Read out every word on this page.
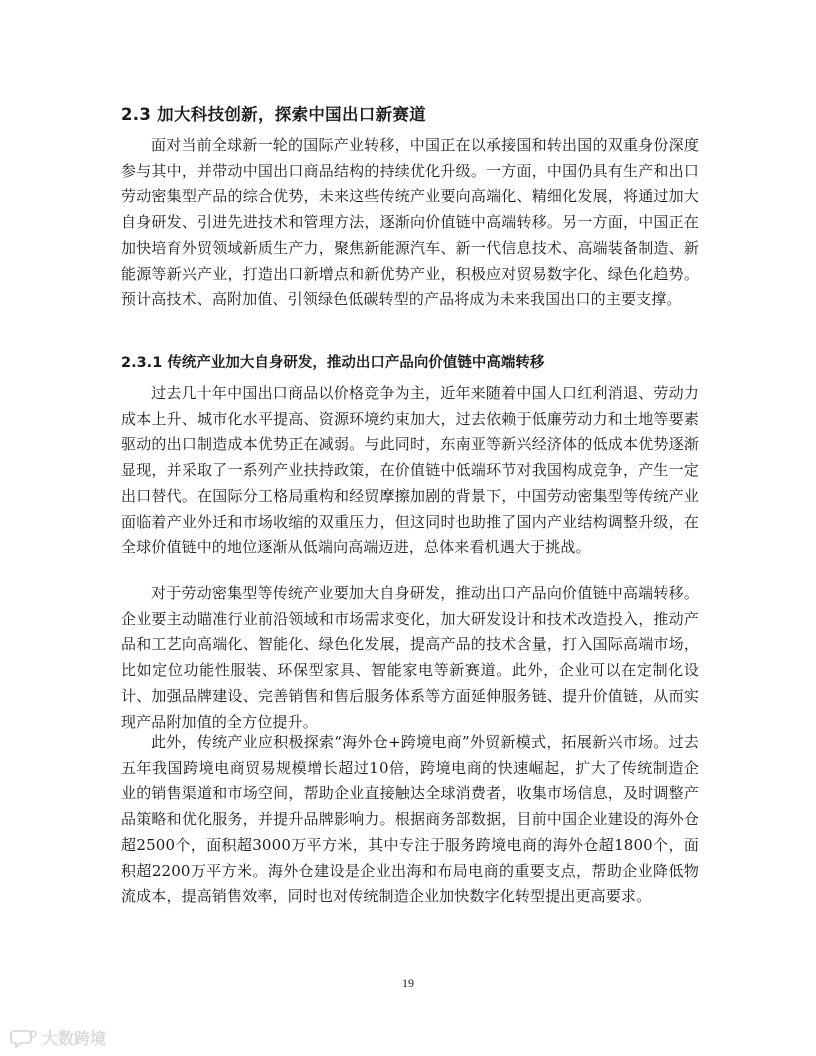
2.3 加大科技创新，探索中国出口新赛道

面对当前全球新一轮的国际产业转移，中国正在以承接国和转出国的双重身份深度参与其中，并带动中国出口商品结构的持续优化升级。一方面，中国仍具有生产和出口劳动密集型产品的综合优势，未来这些传统产业要向高端化、精细化发展，将通过加大自身研发、引进先进技术和管理方法，逐渐向价值链中高端转移。另一方面，中国正在加快培育外贸领域新质生产力，聚焦新能源汽车、新一代信息技术、高端装备制造、新能源等新兴产业，打造出口新增点和新优势产业，积极应对贸易数字化、绿色化趋势。预计高技术、高附加值、引领绿色低碳转型的产品将成为未来我国出口的主要支撑。

2.3.1 传统产业加大自身研发，推动出口产品向价值链中高端转移

过去几十年中国出口商品以价格竞争为主，近年来随着中国人口红利消退、劳动力成本上升、城市化水平提高、资源环境约束加大，过去依赖于低廉劳动力和土地等要素驱动的出口制造成本优势正在减弱。与此同时，东南亚等新兴经济体的低成本优势逐渐显现，并采取了一系列产业扶持政策，在价值链中低端环节对我国构成竞争，产生一定出口替代。在国际分工格局重构和经贸摩擦加剧的背景下，中国劳动密集型等传统产业面临着产业外迁和市场收缩的双重压力，但这同时也助推了国内产业结构调整升级，在全球价值链中的地位逐渐从低端向高端迈进，总体来看机遇大于挑战。

对于劳动密集型等传统产业要加大自身研发，推动出口产品向价值链中高端转移。企业要主动瞄准行业前沿领域和市场需求变化，加大研发设计和技术改造投入，推动产品和工艺向高端化、智能化、绿色化发展，提高产品的技术含量，打入国际高端市场，比如定位功能性服装、环保型家具、智能家电等新赛道。此外，企业可以在定制化设计、加强品牌建设、完善销售和售后服务体系等方面延伸服务链、提升价值链，从而实现产品附加值的全方位提升。

此外，传统产业应积极探索“海外仓+跨境电商”外贸新模式，拓展新兴市场。过去五年我国跨境电商贸易规模增长超过10倍，跨境电商的快速崛起，扩大了传统制造企业的销售渠道和市场空间，帮助企业直接触达全球消费者，收集市场信息，及时调整产品策略和优化服务，并提升品牌影响力。根据商务部数据，目前中国企业建设的海外仓超2500个，面积超3000万平方米，其中专注于服务跨境电商的海外仓超1800个，面积超2200万平方米。海外仓建设是企业出海和布局电商的重要支点，帮助企业降低物流成本，提高销售效率，同时也对传统制造企业加快数字化转型提出更高要求。

19
大数跨境
